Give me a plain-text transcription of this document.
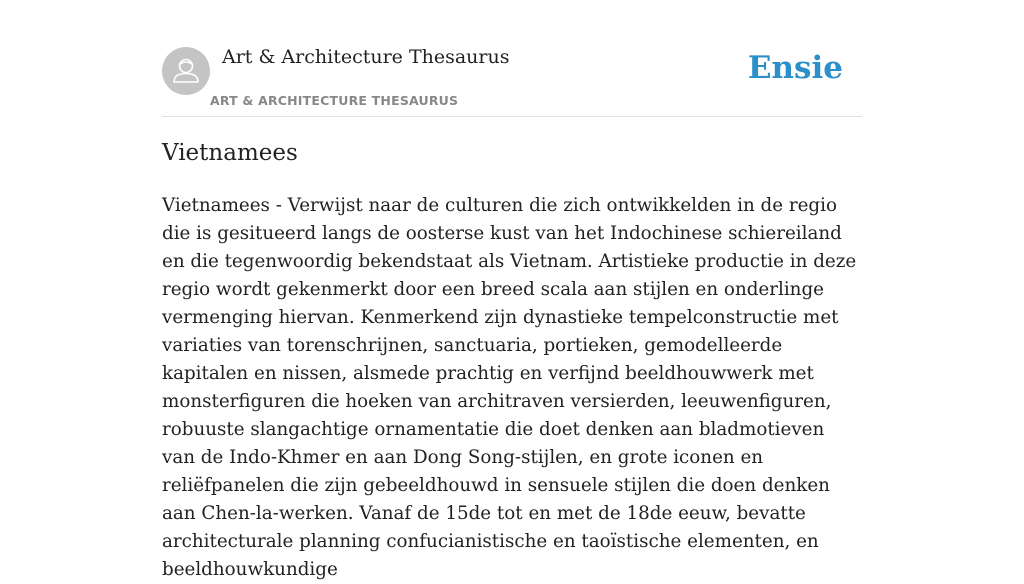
Art & Architecture Thesaurus
ART & ARCHITECTURE THESAURUS
Ensie
Vietnamees

Vietnamees - Verwijst naar de culturen die zich ontwikkelden in de regio die is gesitueerd langs de oosterse kust van het Indochinese schiereiland en die tegenwoordig bekendstaat als Vietnam. Artistieke productie in deze regio wordt gekenmerkt door een breed scala aan stijlen en onderlinge vermenging hiervan. Kenmerkend zijn dynastieke tempelconstructie met variaties van torenschrijnen, sanctuaria, portieken, gemodelleerde kapitalen en nissen, alsmede prachtig en verfijnd beeldhouwwerk met monsterfiguren die hoeken van architraven versierden, leeuwenfiguren, robuuste slangachtige ornamentatie die doet denken aan bladmotieven van de Indo-Khmer en aan Dong Song-stijlen, en grote iconen en reliëfpanelen die zijn gebeeldhouwd in sensuele stijlen die doen denken aan Chen-la-werken. Vanaf de 15de tot en met de 18de eeuw, bevatte architecturale planning confucianistische en taoïstische elementen, en beeldhouwkundige
